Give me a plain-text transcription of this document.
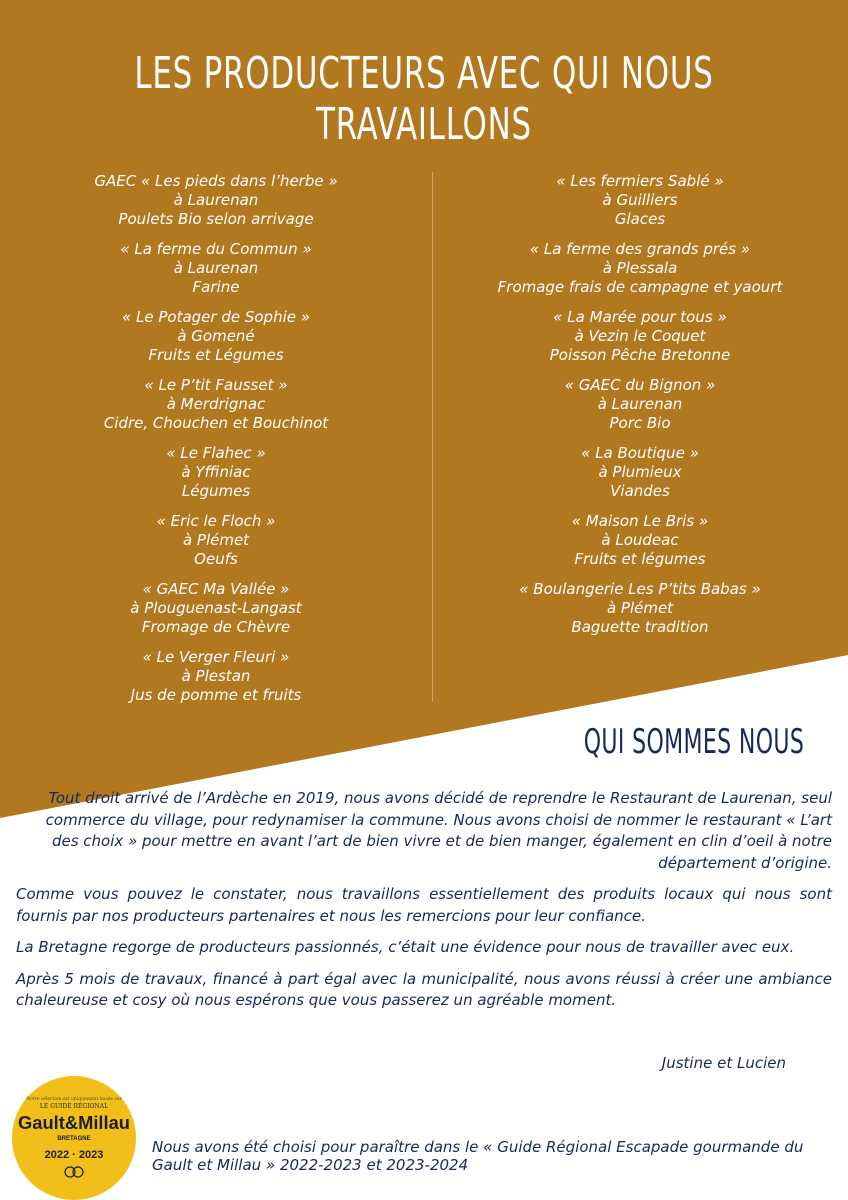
LES PRODUCTEURS AVEC QUI NOUS TRAVAILLONS
GAEC « Les pieds dans l’herbe »
à Laurenan
Poulets Bio selon arrivage
« La ferme du Commun »
à Laurenan
Farine
« Le Potager de Sophie »
à Gomené
Fruits et Légumes
« Le P’tit Fausset »
à Merdrignac
Cidre, Chouchen et Bouchinot
« Le Flahec »
à Yffiniac
Légumes
« Eric le Floch »
à Plémet
Oeufs
« GAEC Ma Vallée »
à Plouguenast-Langast
Fromage de Chèvre
« Le Verger Fleuri »
à Plestan
Jus de pomme et fruits
« Les fermiers Sablé »
à Guilliers
Glaces
« La ferme des grands prés »
à Plessala
Fromage frais de campagne et yaourt
« La Marée pour tous »
à Vezin le Coquet
Poisson Pêche Bretonne
« GAEC du Bignon »
à Laurenan
Porc Bio
« La Boutique »
à Plumieux
Viandes
« Maison Le Bris »
à Loudeac
Fruits et légumes
« Boulangerie Les P’tits Babas »
à Plémet
Baguette tradition
QUI SOMMES NOUS

Tout droit arrivé de l’Ardèche en 2019, nous avons décidé de reprendre le Restaurant de Laurenan, seul commerce du village, pour redynamiser la commune. Nous avons choisi de nommer le restaurant « L’art des choix » pour mettre en avant l’art de bien vivre et de bien manger, également en clin d’oeil à notre département d’origine.

Comme vous pouvez le constater, nous travaillons essentiellement des produits locaux qui nous sont fournis par nos producteurs partenaires et nous les remercions pour leur confiance.

La Bretagne regorge de producteurs passionnés, c’était une évidence pour nous de travailler avec eux.

Après 5 mois de travaux, financé à part égal avec la municipalité, nous avons réussi à créer une ambiance chaleureuse et cosy où nous espérons que vous passerez un agréable moment.

Justine et Lucien
Notre sélection est uniquement basée sur
LE GUIDE RÉGIONAL
Gault&Millau
BRETAGNE
2022 · 2023	Nous avons été choisi pour paraître dans le « Guide Régional Escapade gourmande du Gault et Millau » 2022-2023 et 2023-2024
